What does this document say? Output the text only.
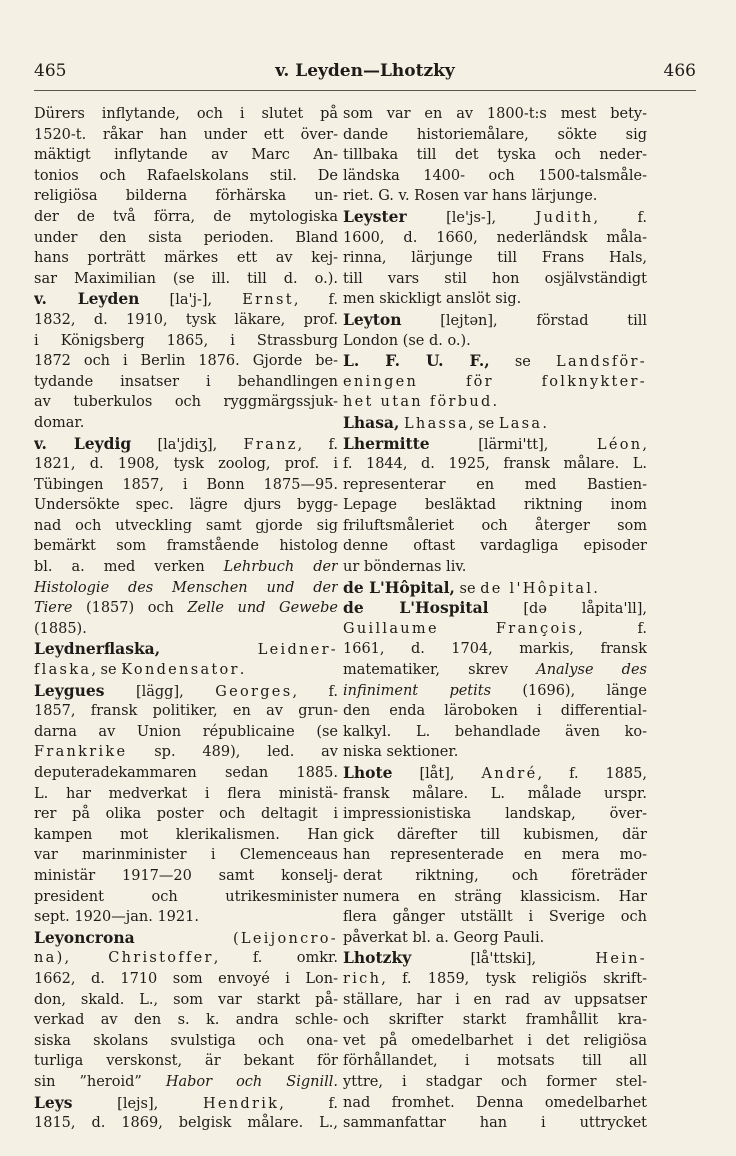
465	v. Leyden—Lhotzky	466
Dürers inflytande, och i slutet på
1520-t. råkar han under ett över-
mäktigt inflytande av Marc An-
tonios och Rafaelskolans stil. De
religiösa bilderna förhärska un-
der de två förra, de mytologiska
under den sista perioden. Bland
hans porträtt märkes ett av kej-
sar Maximilian (se ill. till d. o.).
v. Leyden [la'j-], Ernst, f.
1832, d. 1910, tysk läkare, prof.
i Königsberg 1865, i Strassburg
1872 och i Berlin 1876. Gjorde be-
tydande insatser i behandlingen
av tuberkulos och ryggmärgssjuk-
domar.
v. Leydig [la'jdiʒ], Franz, f.
1821, d. 1908, tysk zoolog, prof. i
Tübingen 1857, i Bonn 1875—95.
Undersökte spec. lägre djurs bygg-
nad och utveckling samt gjorde sig
bemärkt som framstående histolog
bl. a. med verken Lehrbuch der
Histologie des Menschen und der
Tiere (1857) och Zelle und Gewebe
(1885).
Leydnerflaska,	Leidner-
flaska, se Kondensator.
Leygues [lägg], Georges, f.
1857, fransk politiker, en av grun-
darna av Union républicaine (se
Frankrike sp. 489), led. av
deputeradekammaren sedan 1885.
L. har medverkat i flera ministä-
rer på olika poster och deltagit i
kampen mot klerikalismen. Han
var marinminister i Clemenceaus
ministär 1917—20 samt konselj-
president och utrikesminister
sept. 1920—jan. 1921.
Leyoncrona	(Leijoncro-
na), Christoffer, f. omkr.
1662, d. 1710 som envoyé i Lon-
don, skald. L., som var starkt på-
verkad av den s. k. andra schle-
siska skolans svulstiga och ona-
turliga verskonst, är bekant för
sin ”heroid” Habor och Signill.
Leys [lejs], Hendrik, f.
1815, d. 1869, belgisk målare. L.,
som var en av 1800-t:s mest bety-
dande historiemålare, sökte sig
tillbaka till det tyska och neder-
ländska 1400- och 1500-talsmåle-
riet. G. v. Rosen var hans lärjunge.
Leyster [le'js-], Judith, f.
1600, d. 1660, nederländsk måla-
rinna, lärjunge till Frans Hals,
till vars stil hon osjälvständigt
men skickligt anslöt sig.
Leyton [lejtən], förstad till
London (se d. o.).
L. F. U. F., se Landsför-
eningen för folknykter-
het utan förbud.
Lhasa, Lhassa, se Lasa.
Lhermitte [lärmi'tt], Léon,
f. 1844, d. 1925, fransk målare. L.
representerar en med Bastien-
Lepage besläktad riktning inom
friluftsmåleriet och återger som
denne oftast vardagliga episoder
ur böndernas liv.
de L'Hôpital, se de l'Hôpital.
de L'Hospital [də låpita'll],
Guillaume François, f.
1661, d. 1704, markis, fransk
matematiker, skrev Analyse des
infiniment petits (1696), länge
den enda läroboken i differential-
kalkyl. L. behandlade även ko-
niska sektioner.
Lhote [låt], André, f. 1885,
fransk målare. L. målade urspr.
impressionistiska landskap, över-
gick därefter till kubismen, där
han representerade en mera mo-
derat riktning, och företräder
numera en sträng klassicism. Har
flera gånger utställt i Sverige och
påverkat bl. a. Georg Pauli.
Lhotzky [lå'ttski], Hein-
rich, f. 1859, tysk religiös skrift-
ställare, har i en rad av uppsatser
och skrifter starkt framhållit kra-
vet på omedelbarhet i det religiösa
förhållandet, i motsats till all
yttre, i stadgar och former stel-
nad fromhet. Denna omedelbarhet
sammanfattar han i uttrycket
